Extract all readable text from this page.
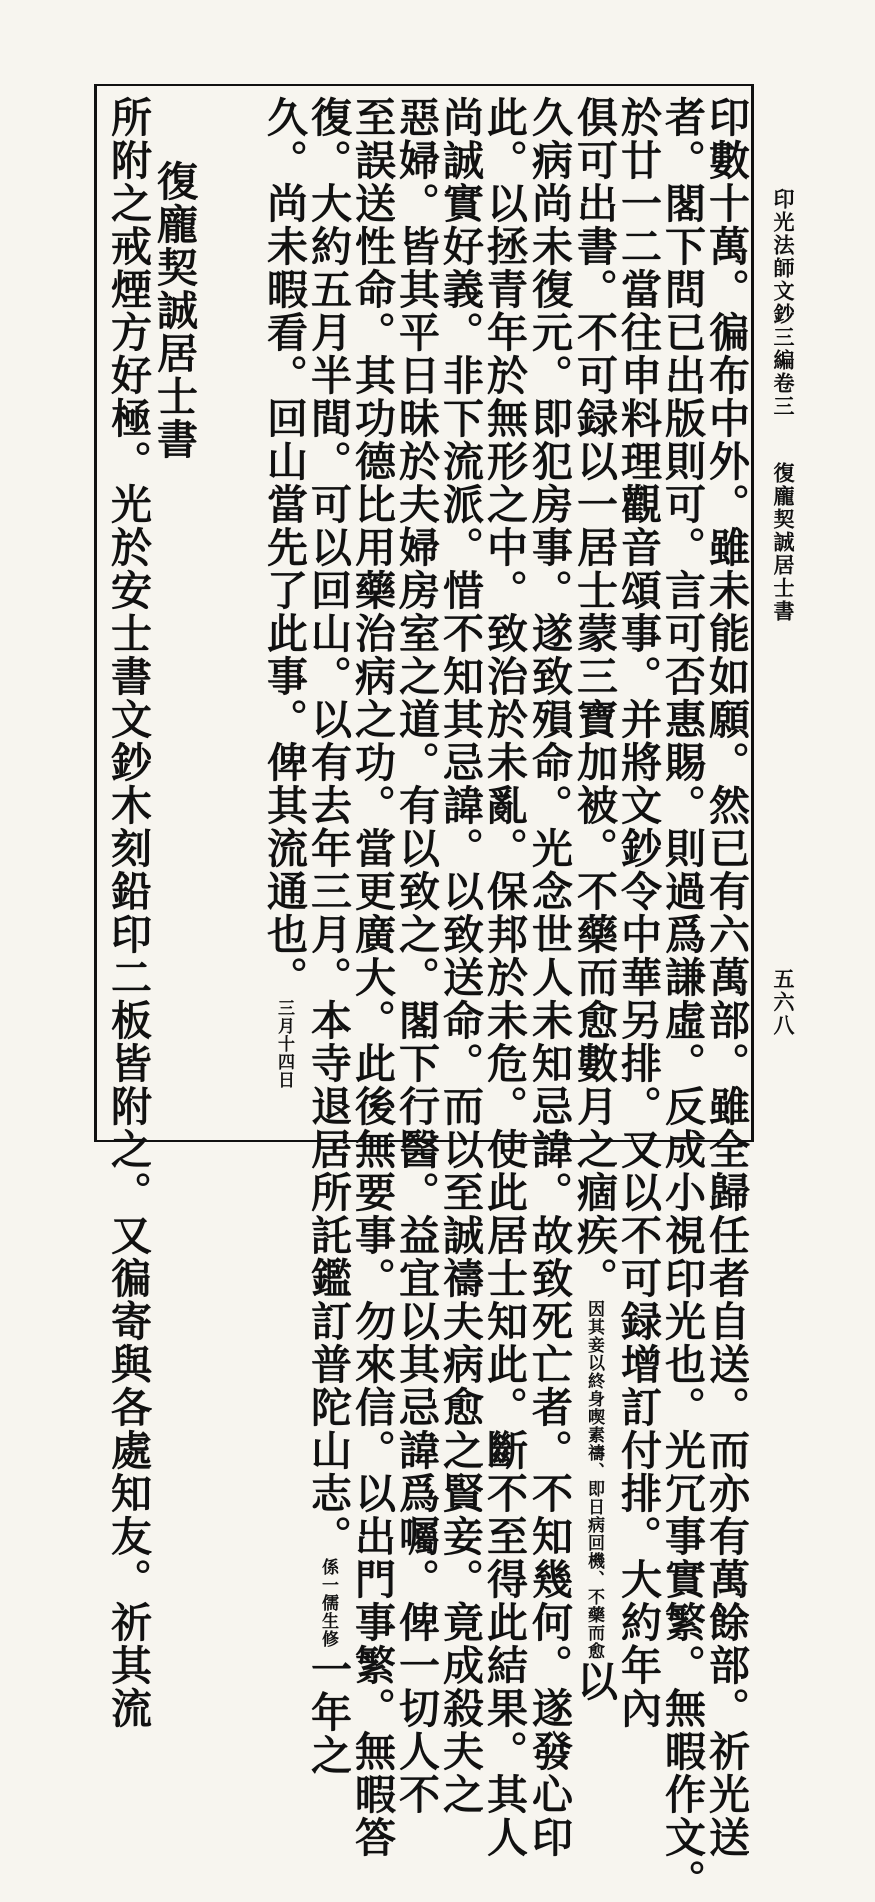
印光法師文鈔三編卷三
復龐契誠居士書
五六八
印數十萬。徧布中外。雖未能如願。然已有六萬部。雖全歸任者自送。而亦有萬餘部。祈光送
者。閣下問已出版則可。言可否惠賜。則過爲謙虛。反成小視印光也。光冗事實繁。無暇作文。
於廿一二當往申料理觀音頌事。并將文鈔令中華另排。又以不可録增訂付排。大約年內
俱可出書。不可録以一居士蒙三寶加被。不藥而愈數月之痼疾。因其妾以終身喫素禱、即日病回機、不藥而愈以
久病尚未復元。即犯房事。遂致殞命。光念世人未知忌諱。故致死亡者。不知幾何。遂發心印
此。以拯青年於無形之中。致治於未亂。保邦於未危。使此居士知此。斷不至得此結果。其人
尚誠實好義。非下流派。惜不知其忌諱。以致送命。而以至誠禱夫病愈之賢妾。竟成殺夫之
惡婦。皆其平日昧於夫婦房室之道。有以致之。閣下行醫。益宜以其忌諱爲囑。俾一切人不
至誤送性命。其功德比用藥治病之功。當更廣大。此後無要事。勿來信。以出門事繁。無暇答
復。大約五月半間。可以回山。以有去年三月。本寺退居所託鑑訂普陀山志。係一儒生修一年之
久。尚未暇看。回山當先了此事。俾其流通也。三月十四日
復龐契誠居士書
所附之戒煙方好極。光於安士書文鈔木刻鉛印二板皆附之。又徧寄與各處知友。祈其流
